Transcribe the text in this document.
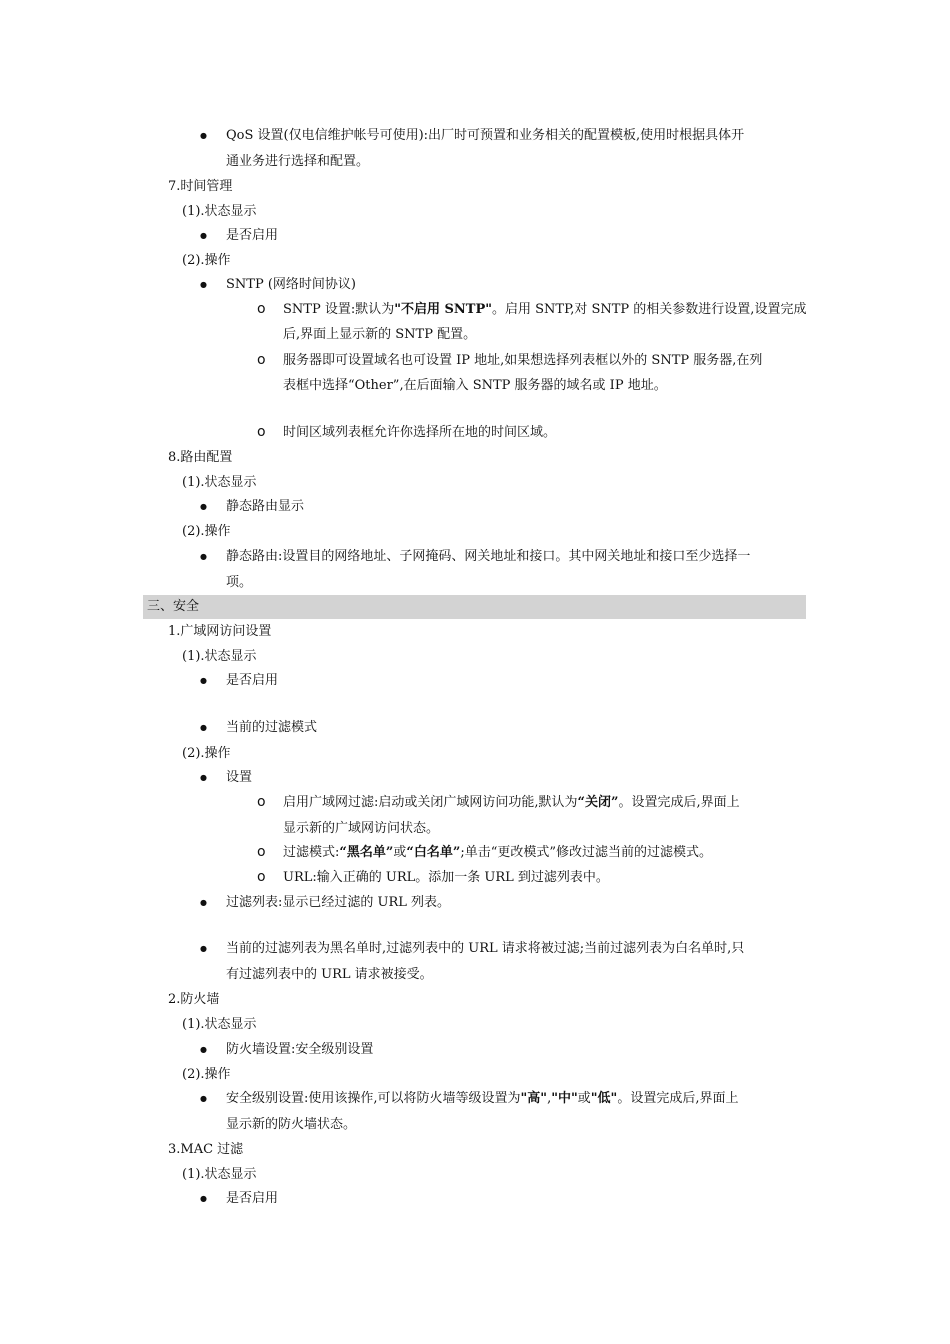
● QoS 设置(仅电信维护帐号可使用):出厂时可预置和业务相关的配置模板,使用时根据具体开
通业务进行选择和配置。
7.时间管理
(1).状态显示
● 是否启用
(2).操作
● SNTP (网络时间协议)
o SNTP 设置:默认为"不启用 SNTP"。启用 SNTP,对 SNTP 的相关参数进行设置,设置完成
后,界面上显示新的 SNTP 配置。
o 服务器即可设置域名也可设置 IP 地址,如果想选择列表框以外的 SNTP 服务器,在列
表框中选择“Other”,在后面输入 SNTP 服务器的域名或 IP 地址。
o 时间区域列表框允许你选择所在地的时间区域。
8.路由配置
(1).状态显示
● 静态路由显示
(2).操作
● 静态路由:设置目的网络地址、子网掩码、网关地址和接口。其中网关地址和接口至少选择一
项。
三、安全
1.广域网访问设置
(1).状态显示
● 是否启用
● 当前的过滤模式
(2).操作
● 设置
o 启用广域网过滤:启动或关闭广域网访问功能,默认为“关闭”。设置完成后,界面上
显示新的广域网访问状态。
o 过滤模式:“黑名单”或“白名单”;单击“更改模式”修改过滤当前的过滤模式。
o URL:输入正确的 URL。添加一条 URL 到过滤列表中。
● 过滤列表:显示已经过滤的 URL 列表。
● 当前的过滤列表为黑名单时,过滤列表中的 URL 请求将被过滤;当前过滤列表为白名单时,只
有过滤列表中的 URL 请求被接受。
2.防火墙
(1).状态显示
● 防火墙设置:安全级别设置
(2).操作
● 安全级别设置:使用该操作,可以将防火墙等级设置为"高","中"或"低"。设置完成后,界面上
显示新的防火墙状态。
3.MAC 过滤
(1).状态显示
● 是否启用
